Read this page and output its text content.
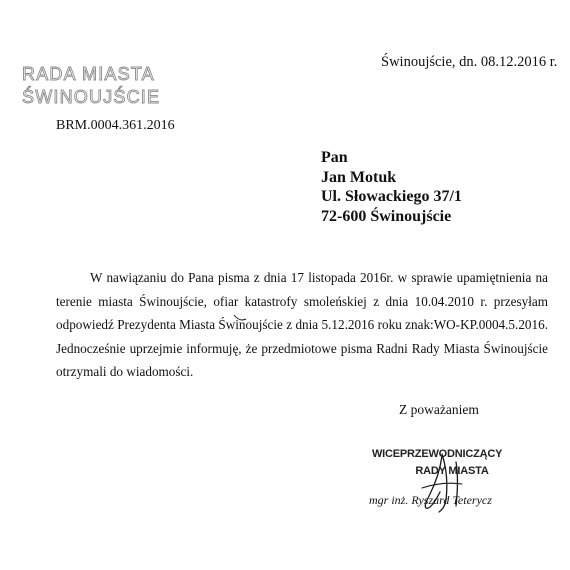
RADA MIASTA
ŚWINOUJŚCIE
Świnoujście, dn. 08.12.2016 r.
BRM.0004.361.2016
Pan
Jan Motuk
Ul. Słowackiego 37/1
72-600 Świnoujście

W nawiązaniu do Pana pisma z dnia 17 listopada 2016r. w sprawie upamiętnienia na terenie miasta Świnoujście, ofiar katastrofy smoleńskiej z dnia 10.04.2010 r. przesyłam odpowiedź Prezydenta Miasta Świnoujście z dnia 5.12.2016 roku znak:WO-KP.0004.5.2016. Jednocześnie uprzejmie informuję, że przedmiotowe pisma Radni Rady Miasta Świnoujście otrzymali do wiadomości.

Z poważaniem
WICEPRZEWODNICZĄCY
RADY MIASTA
mgr inż. Ryszard Teterycz
